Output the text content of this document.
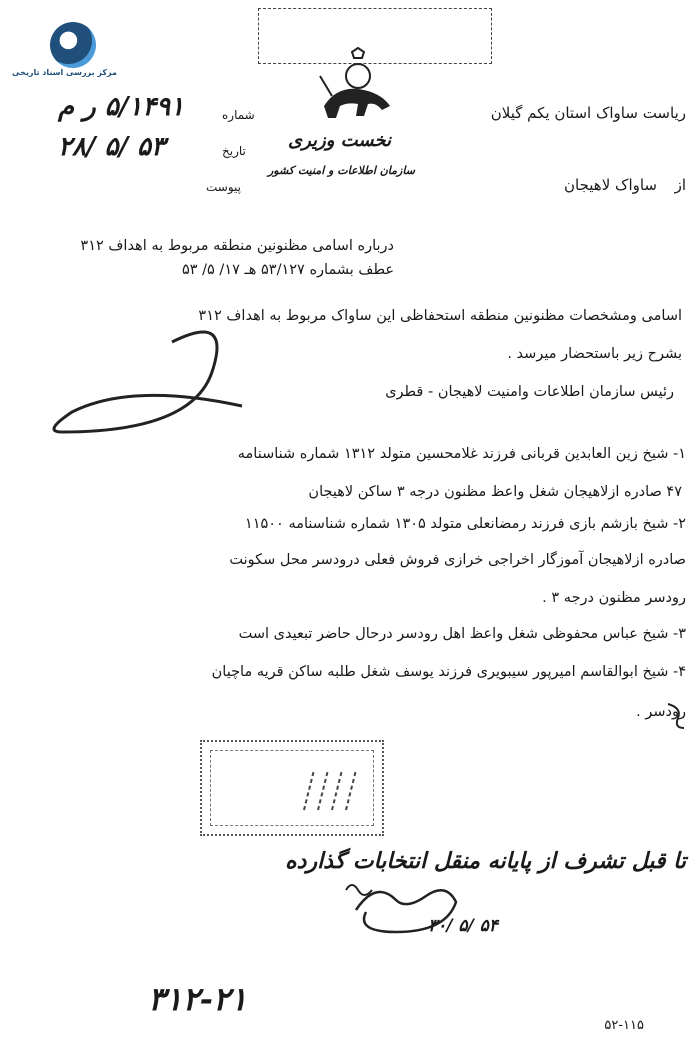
مرکز بررسی اسناد تاریخی
ریاست ساواک استان یکم گیلان
از  ساواک لاهیجان
نخست وزیری
سازمان اطلاعات و امنیت کشور
شماره
۵/۱۴۹۱ ر م
تاریخ
۲۸/ ۵/ ۵۳
پیوست
درباره اسامی مظنونین منطقه مربوط به اهداف ۳۱۲
عطف بشماره ۵۳/۱۲۷ هـ ۱۷/ ۵/ ۵۳
اسامی ومشخصات مظنونین منطقه استحفاظی این ساواک مربوط به اهداف ۳۱۲
بشرح زیر باستحضار میرسد .
رئیس سازمان اطلاعات وامنیت لاهیجان - قطری
۱- شیخ زین العابدین قربانی فرزند غلامحسین متولد ۱۳۱۲ شماره شناسنامه
۴۷ صادره ازلاهیجان شغل واعظ مظنون درجه ۳ ساکن لاهیجان
۲- شیخ بازشم بازی فرزند رمضانعلی متولد ۱۳۰۵ شماره شناسنامه ۱۱۵۰۰
صادره ازلاهیجان آموزگار اخراجی خرازی فروش فعلی درودسر محل سکونت
رودسر مظنون درجه ۳ .
۳- شیخ عباس محفوظی شغل واعظ اهل رودسر درحال حاضر تبعیدی است
۴- شیخ ابوالقاسم امیرپور سیبویری فرزند یوسف شغل طلبه ساکن قریه ماچیان
رودسر .
تا قبل تشرف از پایانه منقل انتخابات گذارده
۳۰/ ۵/ ۵۴
۳۱۲-۲۱
۵۲-۱۱۵
